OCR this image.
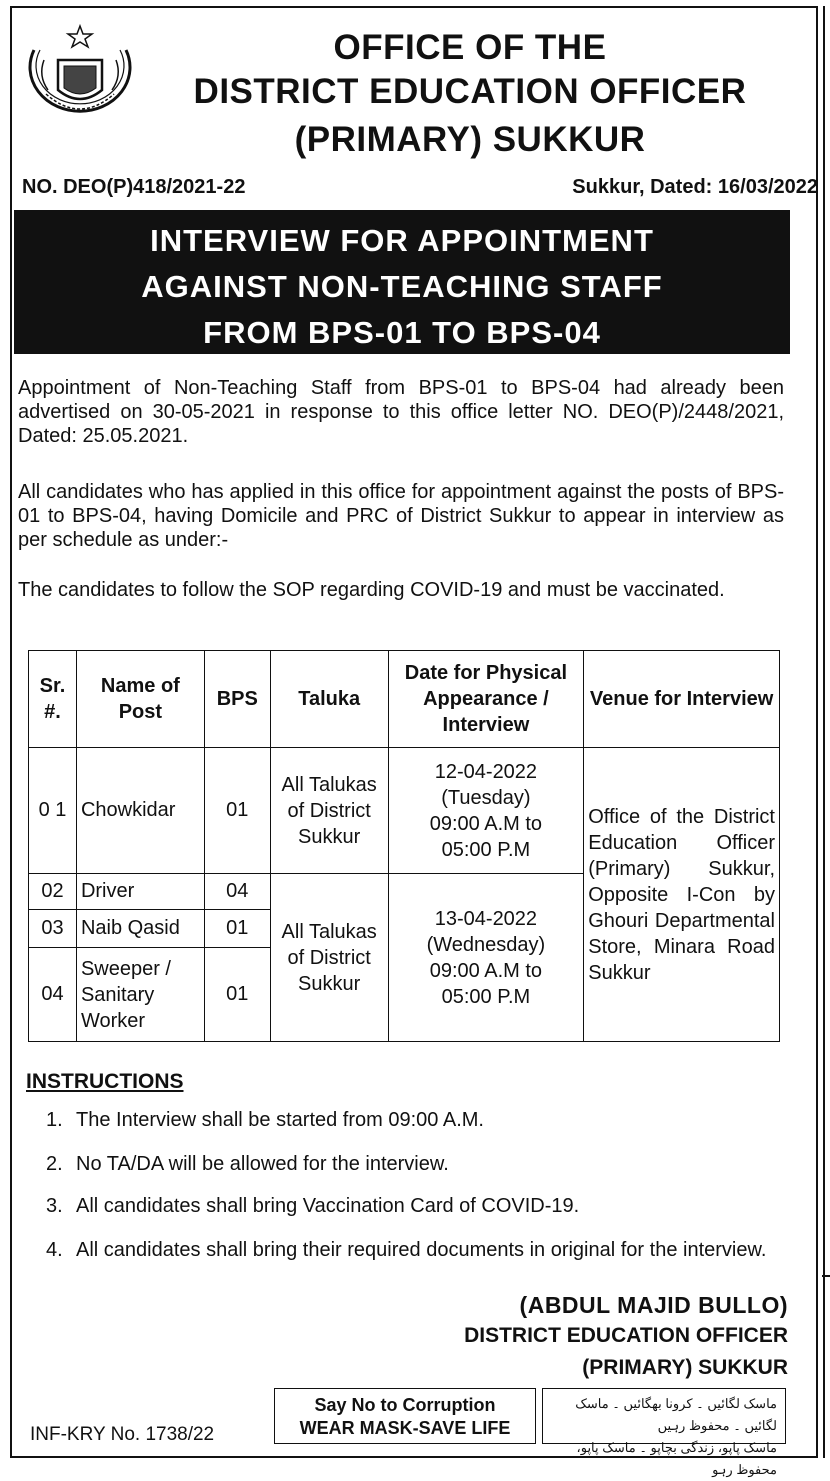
OFFICE OF THE
DISTRICT EDUCATION OFFICER
(PRIMARY) SUKKUR
NO. DEO(P)418/2021-22	Sukkur, Dated: 16/03/2022
INTERVIEW FOR APPOINTMENT
AGAINST NON-TEACHING STAFF
FROM BPS-01 TO BPS-04
Appointment of Non-Teaching Staff from BPS-01 to BPS-04 had already been advertised on 30-05-2021 in response to this office letter NO. DEO(P)/2448/2021, Dated: 25.05.2021.
All candidates who has applied in this office for appointment against the posts of BPS-01 to BPS-04, having Domicile and PRC of District Sukkur to appear in interview as per schedule as under:-
The candidates to follow the SOP regarding COVID-19 and must be vaccinated.
Sr. #.	Name of Post	BPS	Taluka	Date for Physical Appearance / Interview	Venue for Interview
0 1	Chowkidar	01	All Talukas of District Sukkur	12-04-2022
(Tuesday)
09:00 A.M to
05:00 P.M	Office of the District Education Officer (Primary) Sukkur, Opposite I-Con by Ghouri Departmental Store, Minara Road Sukkur
02	Driver	04	All Talukas of District Sukkur	13-04-2022
(Wednesday)
09:00 A.M to
05:00 P.M	

03	Naib Qasid	01			
04	Sweeper / Sanitary Worker	01			
INSTRUCTIONS
1. The Interview shall be started from 09:00 A.M.
2. No TA/DA will be allowed for the interview.
3. All candidates shall bring Vaccination Card of COVID-19.
4. All candidates shall bring their required documents in original for the interview.
(ABDUL MAJID BULLO)
DISTRICT EDUCATION OFFICER
(PRIMARY) SUKKUR
INF-KRY No. 1738/22
Say No to Corruption
WEAR MASK-SAVE LIFE
ماسک لگائیں ۔ کرونا بھگائیں ۔ ماسک لگائیں ۔ محفوظ رہیں
ماسک پاپو، زندگی بچاپو ۔ ماسک پاپو، محفوظ رہو
